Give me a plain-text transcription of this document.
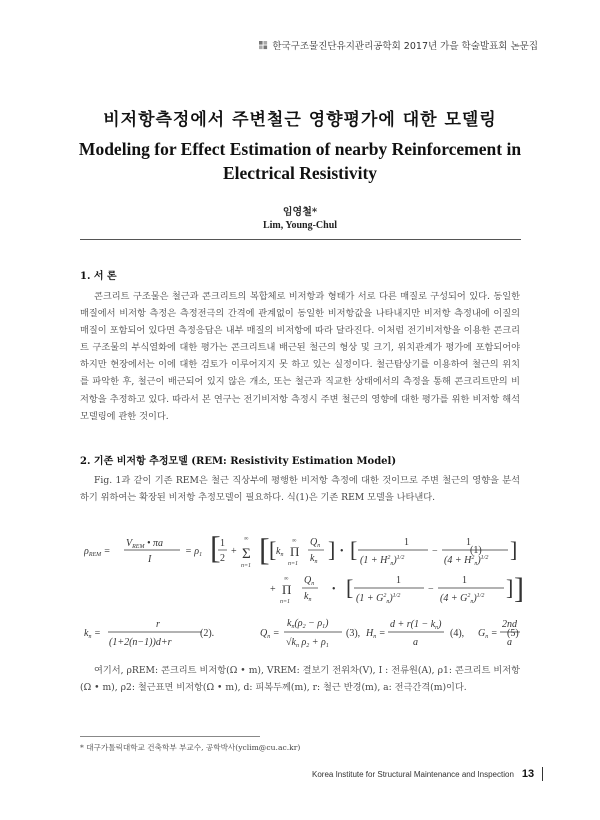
한국구조물진단유지관리공학회 2017년 가을 학술발표회 논문집
비저항측정에서 주변철근 영향평가에 대한 모델링
Modeling for Effect Estimation of nearby Reinforcement in Electrical Resistivity
임영철*
Lim, Young-Chul
1. 서 론

콘크리트 구조물은 철근과 콘크리트의 복합체로 비저항과 형태가 서로 다른 매질로 구성되어 있다. 동일한 매질에서 비저항 측정은 측정전극의 간격에 관계없이 동일한 비저항값을 나타내지만 비저항 측정내에 이질의 매질이 포함되어 있다면 측정응답은 내부 매질의 비저항에 따라 달라진다. 이처럼 전기비저항을 이용한 콘크리트 구조물의 부식열화에 대한 평가는 콘크리트내 배근된 철근의 형상 및 크기, 위치관계가 평가에 포함되어야 하지만 현장에서는 이에 대한 검토가 이루어지지 못 하고 있는 실정이다. 철근탐상기를 이용하여 철근의 위치를 파악한 후, 철근이 배근되어 있지 않은 개소, 또는 철근과 직교한 상태에서의 측정을 통해 콘크리트만의 비저항을 추정하고 있다. 따라서 본 연구는 전기비저항 측정시 주변 철근의 영향에 대한 평가를 위한 비저항 해석 모델링에 관한 것이다.

2. 기존 비저항 추정모델 (REM: Resistivity Estimation Model)

Fig. 1과 같이 기존 REM은 철근 직상부에 평행한 비저항 측정에 대한 것이므로 주변 철근의 영향을 분석하기 위하여는 확장된 비저항 추정모델이 필요하다. 식(1)은 기존 REM 모델을 나타낸다.

$\rho_{REM}$ =
$V_{REM}$ • πa
I
= $\rho_1$ [ 1
2
+ Σ
∞
n=1 [ [ $k_n$ Π
∞
n=1
$Q_n$
$k_n$ ] • [	1
$(1 + H^2_n)^{1/2}$
−
1
$(4 + H^2_n)^{1/2}$ ]
+ Π
∞
n=1
$Q_n$
$k_n$
• [	1
$(1 + G^2_n)^{1/2}$
−
1
$(4 + G^2_n)^{1/2}$ ] ]
(1)
$k_n$ =
r
(1+2(n−1))d+r
$Q_n$ =
$k_n(\rho_2 - \rho_1)$
$√k_n$ $\rho_2 + \rho_1$
$H_n$ =
$d + r(1 - k_n)$
a
$G_n$ =
2nd
a
(2).	(3),	(4),	(5)

여기서, ρREM: 콘크리트 비저항(Ω • m), VREM: 결보기 전위차(V), I : 전류원(A), ρ1: 콘크리트 비저항(Ω • m), ρ2: 철근표면 비저항(Ω • m), d: 피복두께(m), r: 철근 반경(m), a: 전극간격(m)이다.

* 대구가톨릭대학교 건축학부 부교수, 공학박사(yclim@cu.ac.kr)
Korea Institute for Structural Maintenance and Inspection 13
